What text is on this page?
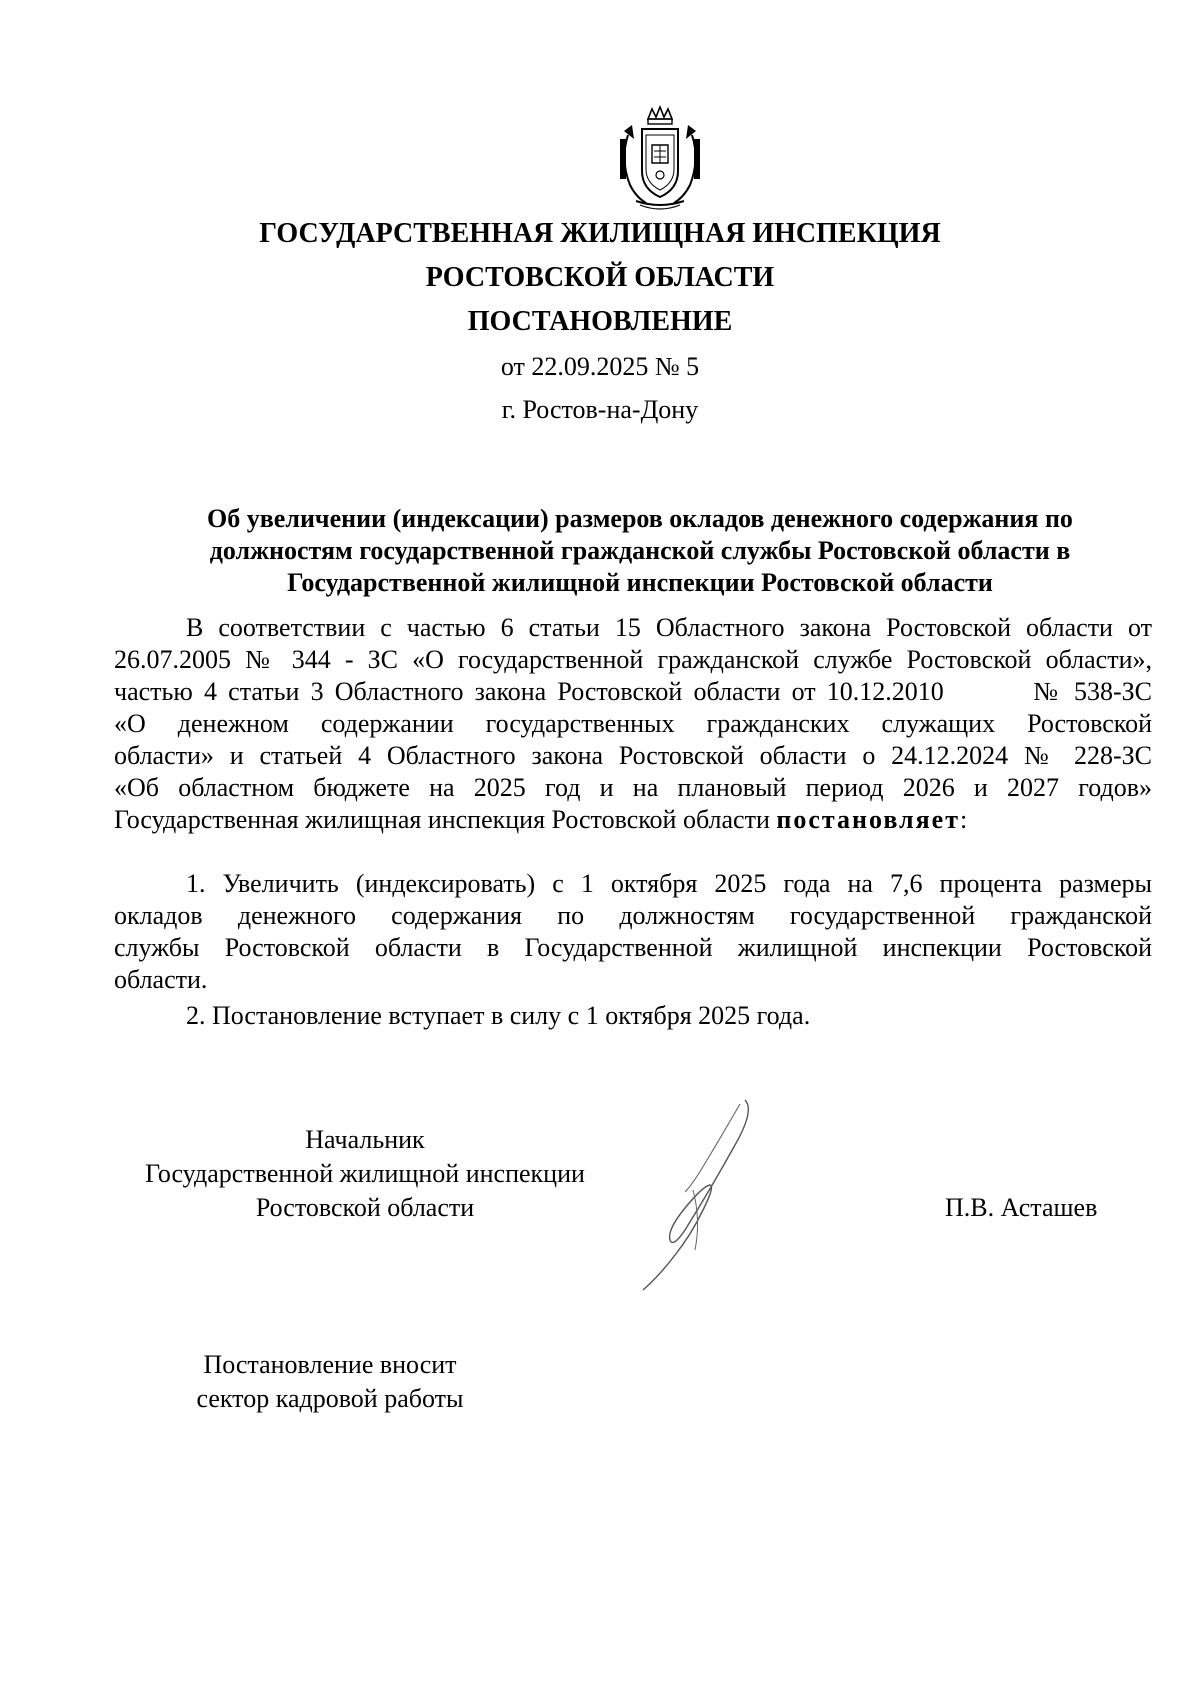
ГОСУДАРСТВЕННАЯ ЖИЛИЩНАЯ ИНСПЕКЦИЯ
РОСТОВСКОЙ ОБЛАСТИ
ПОСТАНОВЛЕНИЕ
от 22.09.2025 № 5
г. Ростов-на-Дону
Об увеличении (индексации) размеров окладов денежного содержания по
должностям государственной гражданской службы Ростовской области в
Государственной жилищной инспекции Ростовской области
В соответствии с частью 6 статьи 15 Областного закона Ростовской области от
26.07.2005 № 344 - ЗС «О государственной гражданской службе Ростовской области»,
частью 4 статьи 3 Областного закона Ростовской области от 10.12.2010        № 538-ЗС
«О денежном содержании государственных гражданских служащих Ростовской
области» и статьей 4 Областного закона Ростовской области о 24.12.2024 № 228-ЗС
«Об областном бюджете на 2025 год и на плановый период 2026 и 2027 годов»
Государственная жилищная инспекция Ростовской области постановляет:
1. Увеличить (индексировать) с 1 октября 2025 года на 7,6 процента размеры
окладов денежного содержания по должностям государственной гражданской
службы Ростовской области в Государственной жилищной инспекции Ростовской
области.
2. Постановление вступает в силу с 1 октября 2025 года.
Начальник
Государственной жилищной инспекции
Ростовской области	П.В. Асташев
Постановление вносит
сектор кадровой работы
